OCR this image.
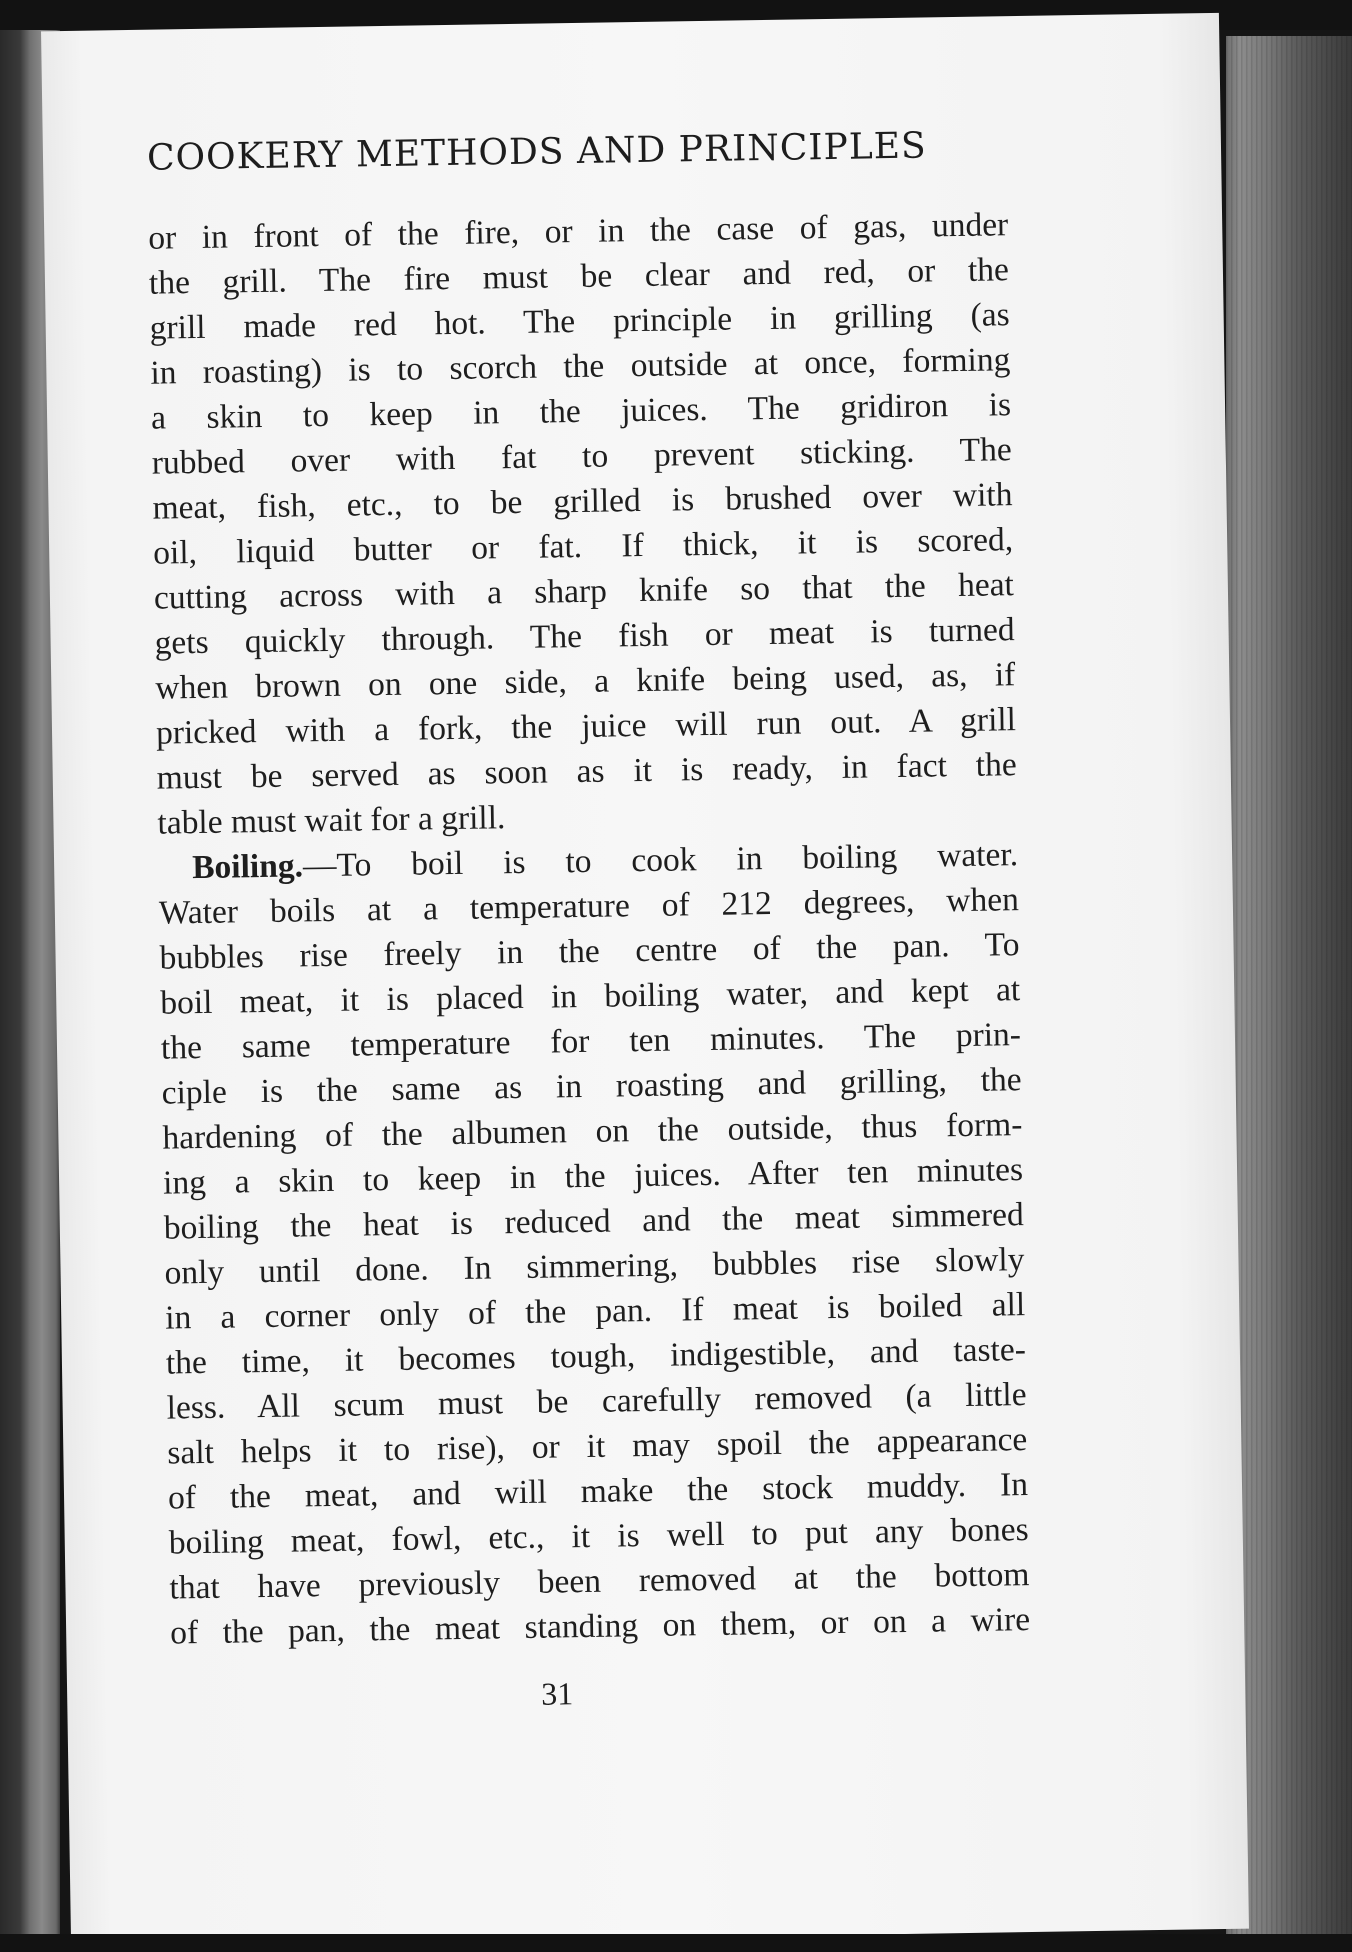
COOKERY METHODS AND PRINCIPLES
or in front of the fire, or in the case of gas, under
the grill. The fire must be clear and red, or the
grill made red hot. The principle in grilling (as
in roasting) is to scorch the outside at once, forming
a skin to keep in the juices. The gridiron is
rubbed over with fat to prevent sticking. The
meat, fish, etc., to be grilled is brushed over with
oil, liquid butter or fat. If thick, it is scored,
cutting across with a sharp knife so that the heat
gets quickly through. The fish or meat is turned
when brown on one side, a knife being used, as, if
pricked with a fork, the juice will run out. A grill
must be served as soon as it is ready, in fact the
table must wait for a grill.
Boiling.—To boil is to cook in boiling water.
Water boils at a temperature of 212 degrees, when
bubbles rise freely in the centre of the pan. To
boil meat, it is placed in boiling water, and kept at
the same temperature for ten minutes. The prin-
ciple is the same as in roasting and grilling, the
hardening of the albumen on the outside, thus form-
ing a skin to keep in the juices. After ten minutes
boiling the heat is reduced and the meat simmered
only until done. In simmering, bubbles rise slowly
in a corner only of the pan. If meat is boiled all
the time, it becomes tough, indigestible, and taste-
less. All scum must be carefully removed (a little
salt helps it to rise), or it may spoil the appearance
of the meat, and will make the stock muddy. In
boiling meat, fowl, etc., it is well to put any bones
that have previously been removed at the bottom
of the pan, the meat standing on them, or on a wire
31
